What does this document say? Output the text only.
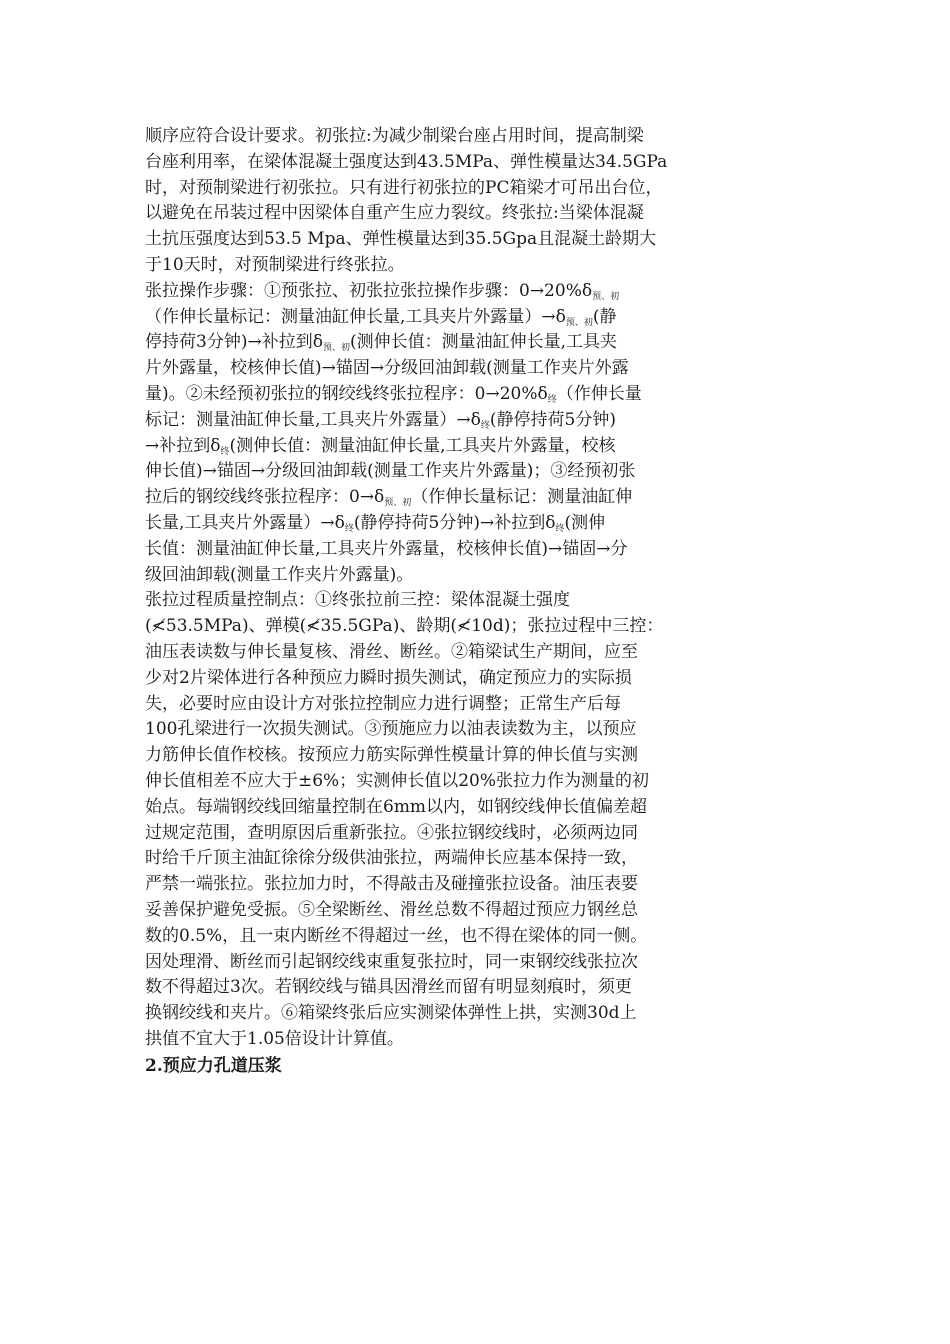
顺序应符合设计要求。初张拉:为减少制梁台座占用时间，提高制梁
台座利用率，在梁体混凝土强度达到43.5MPa、弹性模量达34.5GPa
时，对预制梁进行初张拉。只有进行初张拉的PC箱梁才可吊出台位，
以避免在吊装过程中因梁体自重产生应力裂纹。终张拉:当梁体混凝
土抗压强度达到53.5 Mpa、弹性模量达到35.5Gpa且混凝土龄期大
于10天时，对预制梁进行终张拉。
张拉操作步骤：①预张拉、初张拉张拉操作步骤：$0\to 20\%\delta_{预、初}$
（作伸长量标记：测量油缸伸长量,工具夹片外露量）$\to\delta_{预、初}$(静
停持荷3分钟)→补拉到$\delta_{预、初}$(测伸长值：测量油缸伸长量,工具夹
片外露量，校核伸长值)→锚固→分级回油卸载(测量工作夹片外露
量)。②未经预初张拉的钢绞线终张拉程序：$0\to 20\%\delta_终$（作伸长量
标记：测量油缸伸长量,工具夹片外露量）$\to\delta_终$(静停持荷5分钟)
→补拉到$\delta_终$(测伸长值：测量油缸伸长量,工具夹片外露量，校核
伸长值)→锚固→分级回油卸载(测量工作夹片外露量)；③经预初张
拉后的钢绞线终张拉程序：$0\to\delta_{预、初}$（作伸长量标记：测量油缸伸
长量,工具夹片外露量）$\to\delta_终$(静停持荷5分钟)→补拉到$\delta_终$(测伸
长值：测量油缸伸长量,工具夹片外露量，校核伸长值)→锚固→分
级回油卸载(测量工作夹片外露量)。
张拉过程质量控制点：①终张拉前三控：梁体混凝土强度
(≮53.5MPa)、弹模(≮35.5GPa)、龄期(≮10d)；张拉过程中三控：
油压表读数与伸长量复核、滑丝、断丝。②箱梁试生产期间，应至
少对2片梁体进行各种预应力瞬时损失测试，确定预应力的实际损
失，必要时应由设计方对张拉控制应力进行调整；正常生产后每
100孔梁进行一次损失测试。③预施应力以油表读数为主，以预应
力筋伸长值作校核。按预应力筋实际弹性模量计算的伸长值与实测
伸长值相差不应大于±6%；实测伸长值以20%张拉力作为测量的初
始点。每端钢绞线回缩量控制在6mm以内，如钢绞线伸长值偏差超
过规定范围，查明原因后重新张拉。④张拉钢绞线时，必须两边同
时给千斤顶主油缸徐徐分级供油张拉，两端伸长应基本保持一致，
严禁一端张拉。张拉加力时，不得敲击及碰撞张拉设备。油压表要
妥善保护避免受振。⑤全梁断丝、滑丝总数不得超过预应力钢丝总
数的0.5%，且一束内断丝不得超过一丝，也不得在梁体的同一侧。
因处理滑、断丝而引起钢绞线束重复张拉时，同一束钢绞线张拉次
数不得超过3次。若钢绞线与锚具因滑丝而留有明显刻痕时，须更
换钢绞线和夹片。⑥箱梁终张后应实测梁体弹性上拱，实测30d上
拱值不宜大于1.05倍设计计算值。
2.预应力孔道压浆
